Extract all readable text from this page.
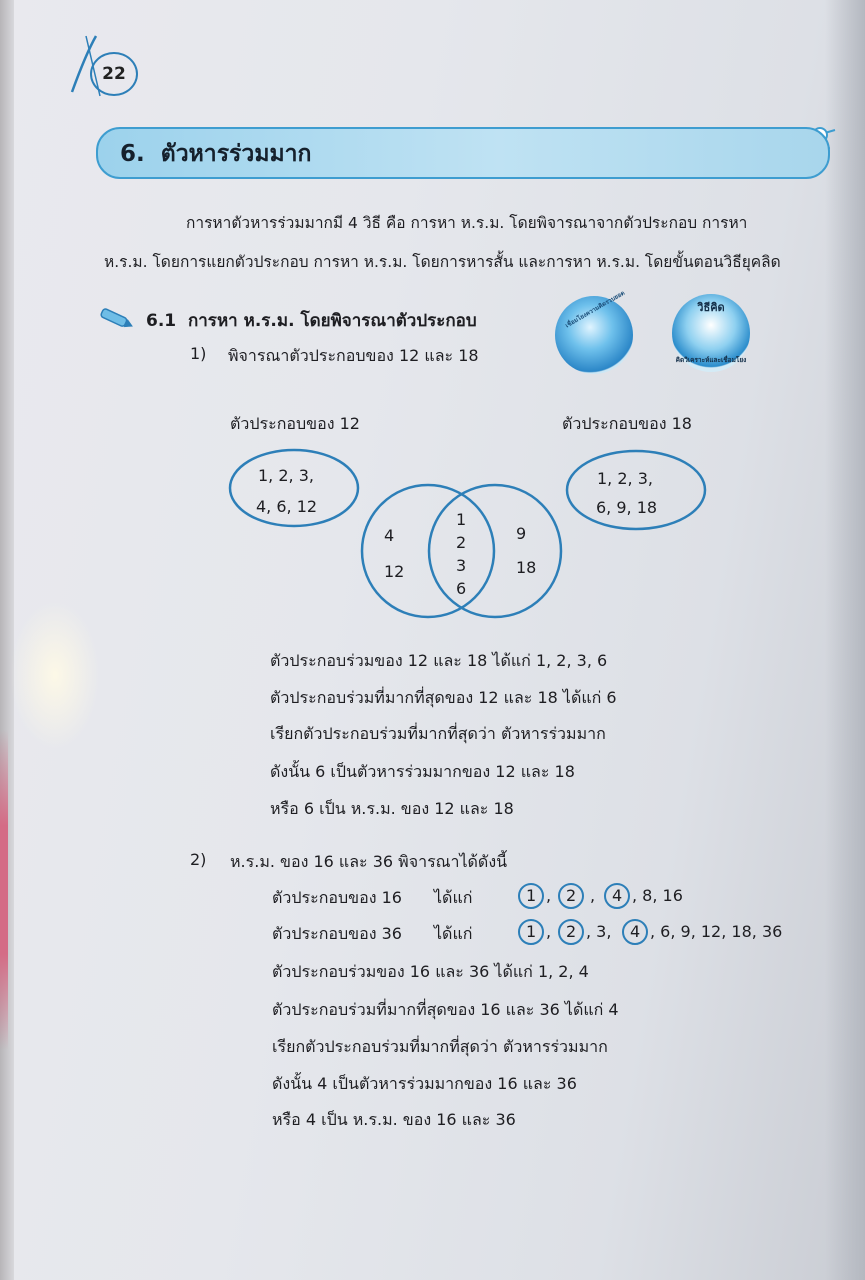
22
6. ตัวหารร่วมมาก
การหาตัวหารร่วมมากมี 4 วิธี คือ การหา ห.ร.ม. โดยพิจารณาจากตัวประกอบ การหา
ห.ร.ม. โดยการแยกตัวประกอบ การหา ห.ร.ม. โดยการหารสั้น และการหา ห.ร.ม. โดยขั้นตอนวิธียุคลิด
6.1 การหา ห.ร.ม. โดยพิจารณาตัวประกอบ	เชื่อมโยงความคิดรวบยอด	วิธีคิด
คิดวิเคราะห์และเชื่อมโยง
1) พิจารณาตัวประกอบของ 12 และ 18
ตัวประกอบของ 12	ตัวประกอบของ 18
1, 2, 3,
4, 6, 12
1, 2, 3,
6, 9, 18
4
12
1
2
3
6
9
18
ตัวประกอบร่วมของ 12 และ 18 ได้แก่ 1, 2, 3, 6
ตัวประกอบร่วมที่มากที่สุดของ 12 และ 18 ได้แก่ 6
เรียกตัวประกอบร่วมที่มากที่สุดว่า ตัวหารร่วมมาก
ดังนั้น 6 เป็นตัวหารร่วมมากของ 12 และ 18
หรือ 6 เป็น ห.ร.ม. ของ 12 และ 18
2) ห.ร.ม. ของ 16 และ 36 พิจารณาได้ดังนี้
ตัวประกอบของ 16 ได้แก่	1 , 2 , 4 , 8, 16
ตัวประกอบของ 36 ได้แก่	1 , 2 , 3, 4 , 6, 9, 12, 18, 36
ตัวประกอบร่วมของ 16 และ 36 ได้แก่ 1, 2, 4
ตัวประกอบร่วมที่มากที่สุดของ 16 และ 36 ได้แก่ 4
เรียกตัวประกอบร่วมที่มากที่สุดว่า ตัวหารร่วมมาก
ดังนั้น 4 เป็นตัวหารร่วมมากของ 16 และ 36
หรือ 4 เป็น ห.ร.ม. ของ 16 และ 36
